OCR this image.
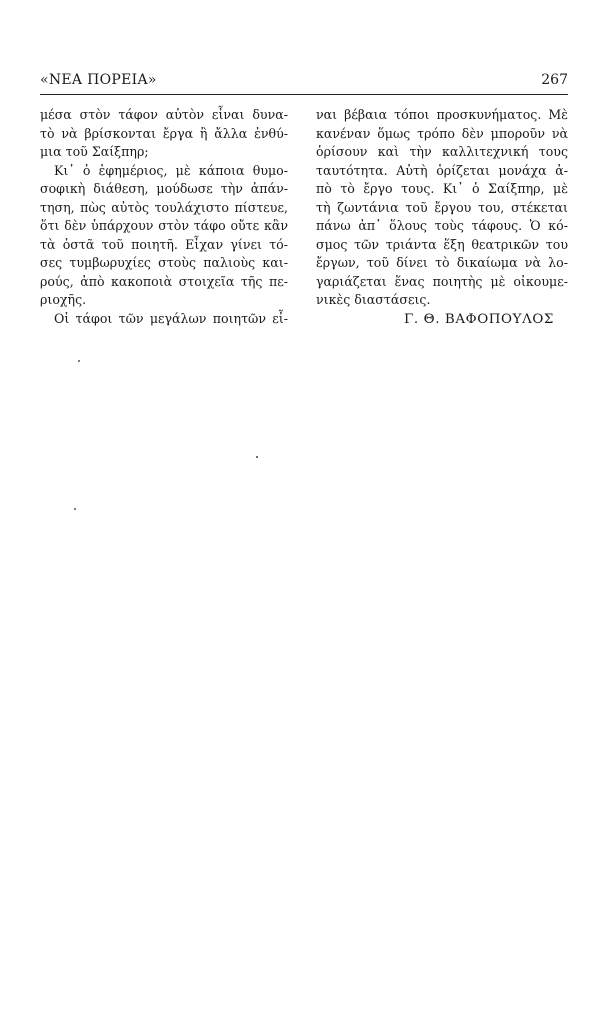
«ΝΕΑ ΠΟΡΕΙΑ»	267
μέσα στὸν τάφον αὐτὸν εἶναι δυνα-
τὸ νὰ βρίσκονται ἔργα ἢ ἄλλα ἐνθύ-
μια τοῦ Σαίξπηρ;
Κι᾽ ὁ ἐφημέριος, μὲ κάποια θυμο-
σοφικὴ διάθεση, μούδωσε τὴν ἀπάν-
τηση, πὼς αὐτὸς τουλάχιστο πίστευε,
ὅτι δὲν ὑπάρχουν στὸν τάφο οὔτε κἂν
τὰ ὀστᾶ τοῦ ποιητῆ. Εἶχαν γίνει τό-
σες τυμβωρυχίες στοὺς παλιοὺς και-
ρούς, ἀπὸ κακοποιὰ στοιχεῖα τῆς πε-
ριοχῆς.
Οἱ τάφοι τῶν μεγάλων ποιητῶν εἶ-
ναι βέβαια τόποι προσκυνήματος. Μὲ
κανέναν ὅμως τρόπο δὲν μποροῦν νὰ
ὁρίσουν καὶ τὴν καλλιτεχνική τους
ταυτότητα. Αὐτὴ ὁρίζεται μονάχα ἀ-
πὸ τὸ ἔργο τους. Κι᾽ ὁ Σαίξπηρ, μὲ
τὴ ζωντάνια τοῦ ἔργου του, στέκεται
πάνω ἀπ᾽ ὅλους τοὺς τάφους. Ὁ κό-
σμος τῶν τριάντα ἕξη θεατρικῶν του
ἔργων, τοῦ δίνει τὸ δικαίωμα νὰ λο-
γαριάζεται ἕνας ποιητὴς μὲ οἰκουμε-
νικὲς διαστάσεις.
Γ. Θ. ΒΑΦΟΠΟΥΛΟΣ
